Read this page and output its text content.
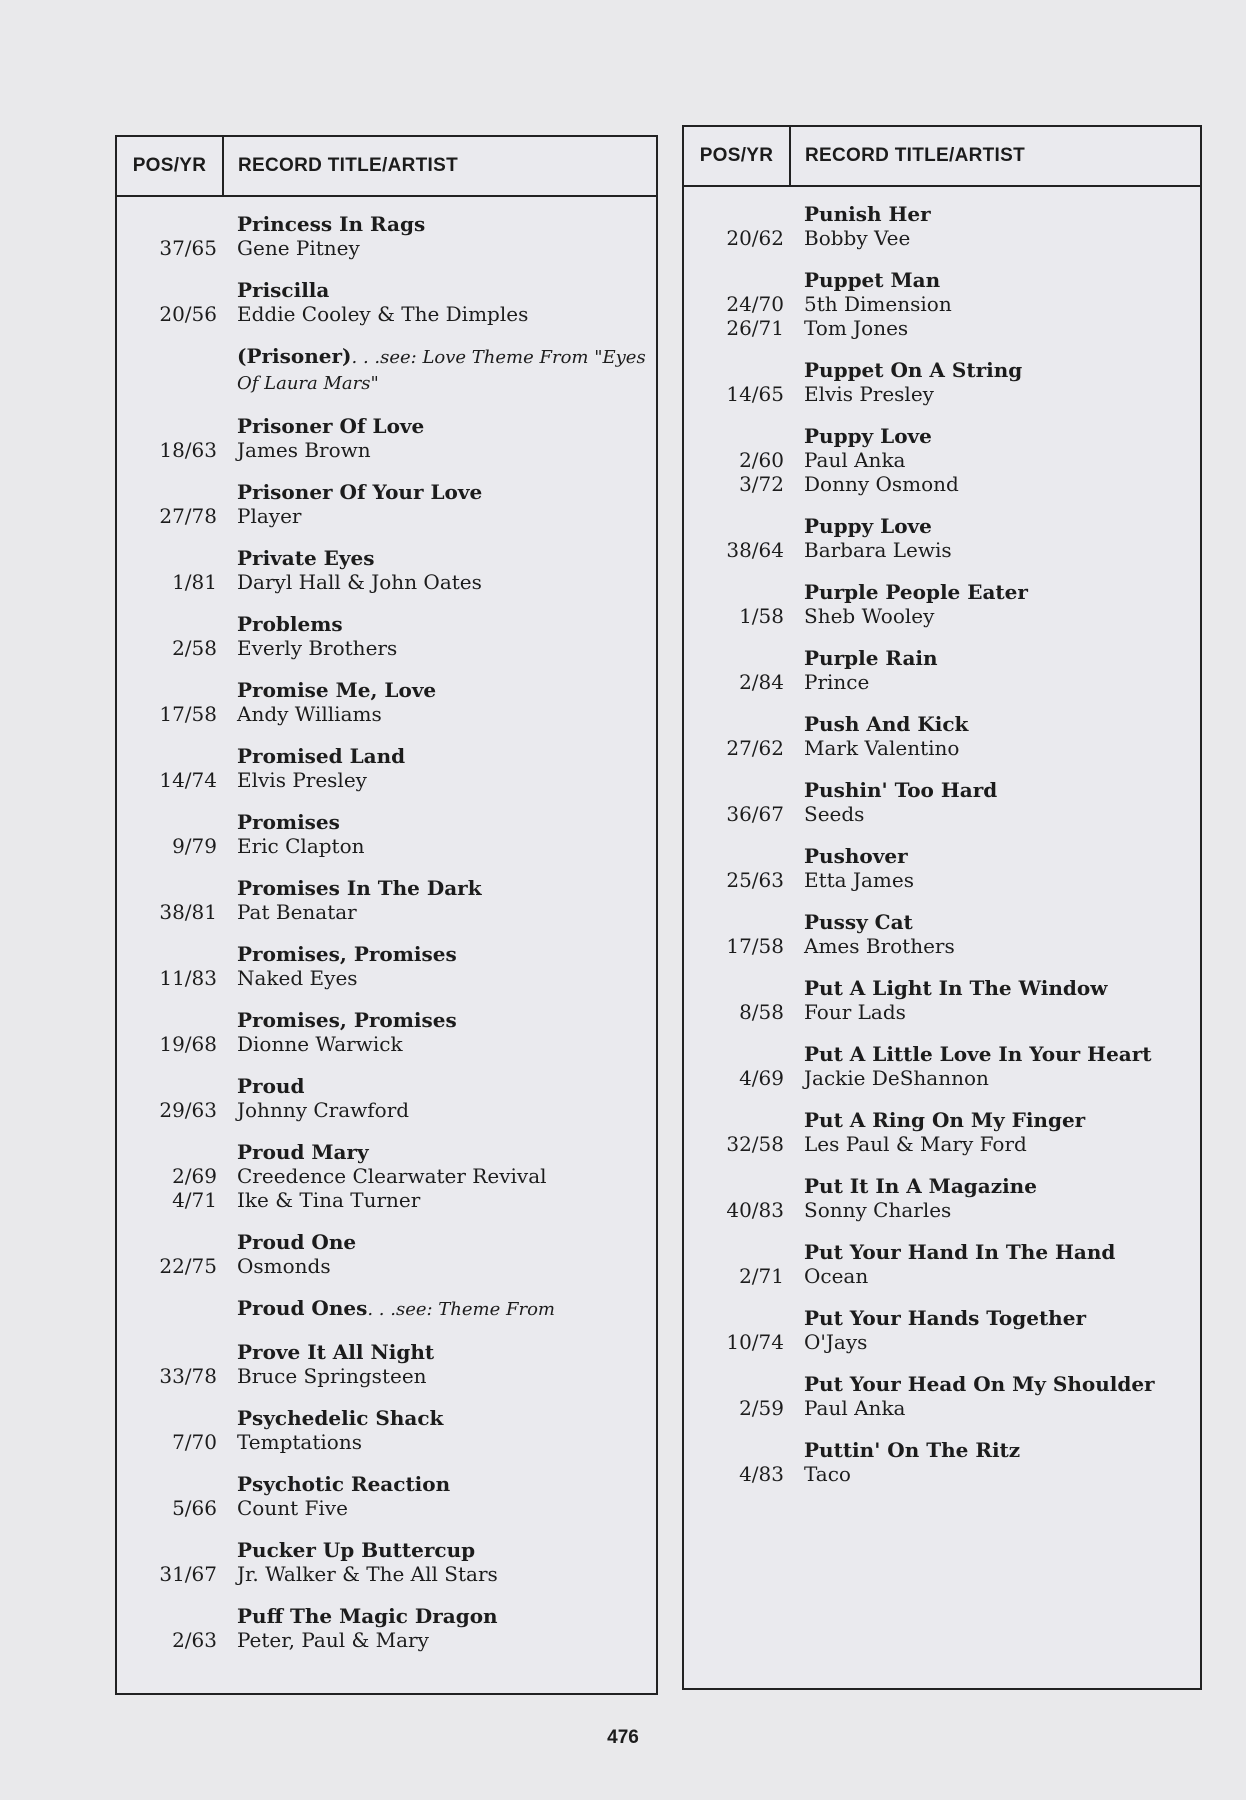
POS/YR	RECORD TITLE/ARTIST

37/65
Princess In Rags
Gene Pitney

20/56
Priscilla
Eddie Cooley & The Dimples

(Prisoner). . .see: Love Theme From "Eyes Of Laura Mars"

18/63
Prisoner Of Love
James Brown

27/78
Prisoner Of Your Love
Player

1/81
Private Eyes
Daryl Hall & John Oates

2/58
Problems
Everly Brothers

17/58
Promise Me, Love
Andy Williams

14/74
Promised Land
Elvis Presley

9/79
Promises
Eric Clapton

38/81
Promises In The Dark
Pat Benatar

11/83
Promises, Promises
Naked Eyes

19/68
Promises, Promises
Dionne Warwick

29/63
Proud
Johnny Crawford

2/69
4/71
Proud Mary
Creedence Clearwater Revival
Ike & Tina Turner

22/75
Proud One
Osmonds

Proud Ones. . .see: Theme From

33/78
Prove It All Night
Bruce Springsteen

7/70
Psychedelic Shack
Temptations

5/66
Psychotic Reaction
Count Five

31/67
Pucker Up Buttercup
Jr. Walker & The All Stars

2/63
Puff The Magic Dragon
Peter, Paul & Mary
POS/YR	RECORD TITLE/ARTIST

20/62
Punish Her
Bobby Vee

24/70
26/71
Puppet Man
5th Dimension
Tom Jones

14/65
Puppet On A String
Elvis Presley

2/60
3/72
Puppy Love
Paul Anka
Donny Osmond

38/64
Puppy Love
Barbara Lewis

1/58
Purple People Eater
Sheb Wooley

2/84
Purple Rain
Prince

27/62
Push And Kick
Mark Valentino

36/67
Pushin' Too Hard
Seeds

25/63
Pushover
Etta James

17/58
Pussy Cat
Ames Brothers

8/58
Put A Light In The Window
Four Lads

4/69
Put A Little Love In Your Heart
Jackie DeShannon

32/58
Put A Ring On My Finger
Les Paul & Mary Ford

40/83
Put It In A Magazine
Sonny Charles

2/71
Put Your Hand In The Hand
Ocean

10/74
Put Your Hands Together
O'Jays

2/59
Put Your Head On My Shoulder
Paul Anka

4/83
Puttin' On The Ritz
Taco
476
